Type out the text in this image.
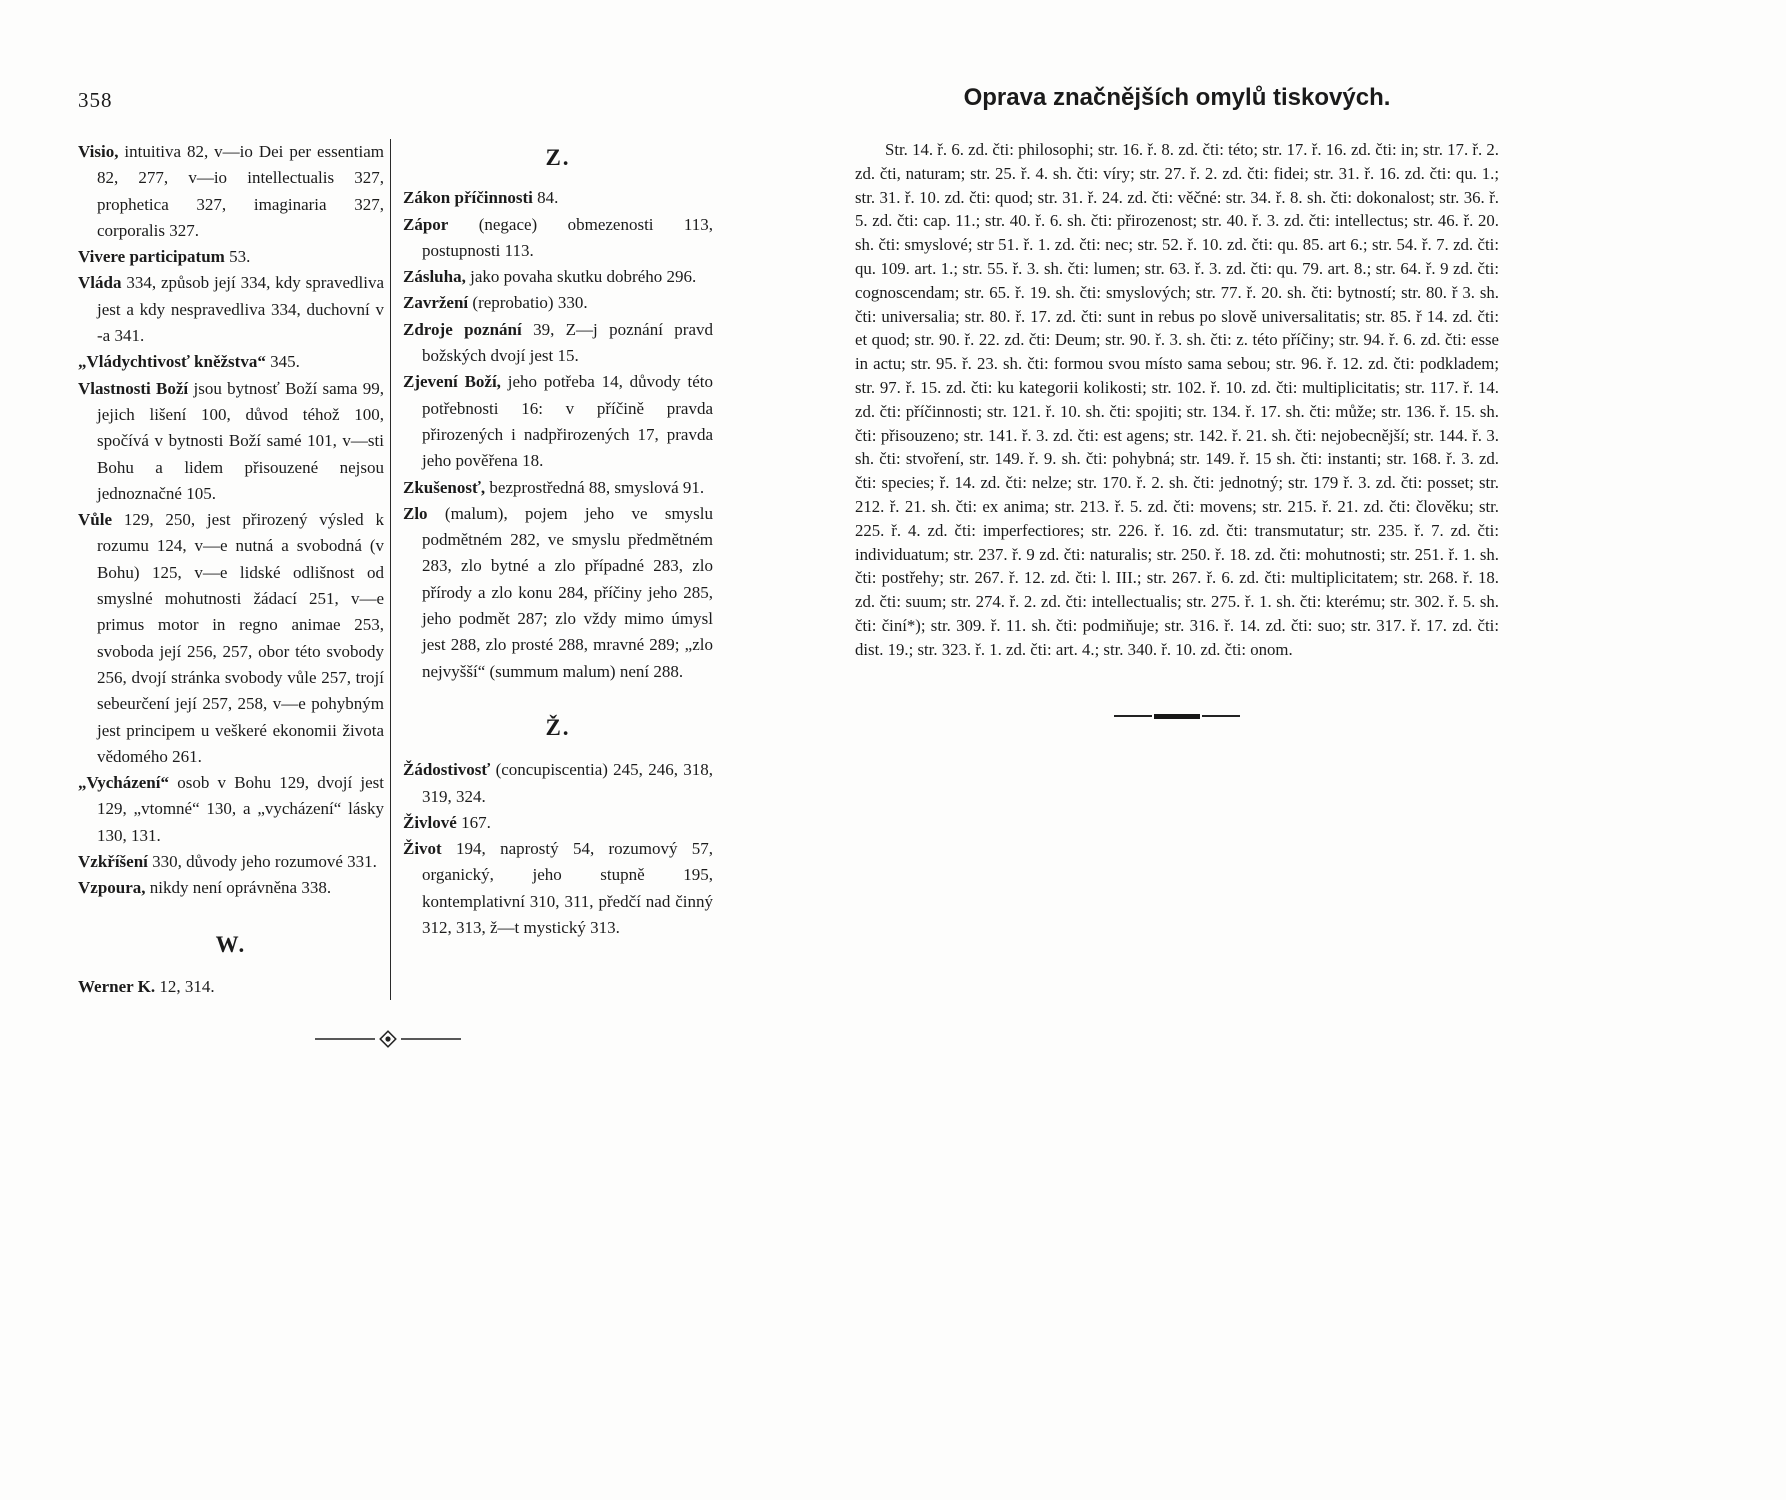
358

Visio, intuitiva 82, v—io Dei per essentiam 82, 277, v—io intellectualis 327, prophetica 327, imaginaria 327, corporalis 327.

Vivere participatum 53.

Vláda 334, způsob její 334, kdy spravedliva jest a kdy nespravedliva 334, duchovní v -a 341.

„Vládychtivosť kněžstva“ 345.

Vlastnosti Boží jsou bytnosť Boží sama 99, jejich lišení 100, důvod téhož 100, spočívá v bytnosti Boží samé 101, v—sti Bohu a lidem přisouzené nejsou jednoznačné 105.

Vůle 129, 250, jest přirozený výsled k rozumu 124, v—e nutná a svobodná (v Bohu) 125, v—e lidské odlišnost od smyslné mohutnosti žádací 251, v—e primus motor in regno animae 253, svoboda její 256, 257, obor této svobody 256, dvojí stránka svobody vůle 257, trojí sebeurčení její 257, 258, v—e pohybným jest principem u veškeré ekonomii života vědomého 261.

„Vycházení“ osob v Bohu 129, dvojí jest 129, „vtomné“ 130, a „vycházení“ lásky 130, 131.

Vzkříšení 330, důvody jeho rozumové 331.

Vzpoura, nikdy není oprávněna 338.

W.

Werner K. 12, 314.

Z.

Zákon příčinnosti 84.

Zápor (negace) obmezenosti 113, postupnosti 113.

Zásluha, jako povaha skutku dobrého 296.

Zavržení (reprobatio) 330.

Zdroje poznání 39, Z—j poznání pravd božských dvojí jest 15.

Zjevení Boží, jeho potřeba 14, důvody této potřebnosti 16: v příčině pravda přirozených i nadpřirozených 17, pravda jeho pověřena 18.

Zkušenosť, bezprostředná 88, smyslová 91.

Zlo (malum), pojem jeho ve smyslu podmětném 282, ve smyslu předmětném 283, zlo bytné a zlo případné 283, zlo přírody a zlo konu 284, příčiny jeho 285, jeho podmět 287; zlo vždy mimo úmysl jest 288, zlo prosté 288, mravné 289; „zlo nejvyšší“ (summum malum) není 288.

Ž.

Žádostivosť (concupiscentia) 245, 246, 318, 319, 324.

Živlové 167.

Život 194, naprostý 54, rozumový 57, organický, jeho stupně 195, kontemplativní 310, 311, předčí nad činný 312, 313, ž—t mystický 313.

Oprava značnějších omylů tiskových.

Str. 14. ř. 6. zd. čti: philosophi; str. 16. ř. 8. zd. čti: této; str. 17. ř. 16. zd. čti: in; str. 17. ř. 2. zd. čti, naturam; str. 25. ř. 4. sh. čti: víry; str. 27. ř. 2. zd. čti: fidei; str. 31. ř. 16. zd. čti: qu. 1.; str. 31. ř. 10. zd. čti: quod; str. 31. ř. 24. zd. čti: věčné: str. 34. ř. 8. sh. čti: dokonalost; str. 36. ř. 5. zd. čti: cap. 11.; str. 40. ř. 6. sh. čti: přirozenost; str. 40. ř. 3. zd. čti: intellectus; str. 46. ř. 20. sh. čti: smyslové; str 51. ř. 1. zd. čti: nec; str. 52. ř. 10. zd. čti: qu. 85. art 6.; str. 54. ř. 7. zd. čti: qu. 109. art. 1.; str. 55. ř. 3. sh. čti: lumen; str. 63. ř. 3. zd. čti: qu. 79. art. 8.; str. 64. ř. 9 zd. čti: cognoscendam; str. 65. ř. 19. sh. čti: smyslových; str. 77. ř. 20. sh. čti: bytností; str. 80. ř 3. sh. čti: universalia; str. 80. ř. 17. zd. čti: sunt in rebus po slově universalitatis; str. 85. ř 14. zd. čti: et quod; str. 90. ř. 22. zd. čti: Deum; str. 90. ř. 3. sh. čti: z. této příčiny; str. 94. ř. 6. zd. čti: esse in actu; str. 95. ř. 23. sh. čti: formou svou místo sama sebou; str. 96. ř. 12. zd. čti: podkladem; str. 97. ř. 15. zd. čti: ku kategorii kolikosti; str. 102. ř. 10. zd. čti: multiplicitatis; str. 117. ř. 14. zd. čti: příčinnosti; str. 121. ř. 10. sh. čti: spojiti; str. 134. ř. 17. sh. čti: může; str. 136. ř. 15. sh. čti: přisouzeno; str. 141. ř. 3. zd. čti: est agens; str. 142. ř. 21. sh. čti: nejobecnější; str. 144. ř. 3. sh. čti: stvoření, str. 149. ř. 9. sh. čti: pohybná; str. 149. ř. 15 sh. čti: instanti; str. 168. ř. 3. zd. čti: species; ř. 14. zd. čti: nelze; str. 170. ř. 2. sh. čti: jednotný; str. 179 ř. 3. zd. čti: posset; str. 212. ř. 21. sh. čti: ex anima; str. 213. ř. 5. zd. čti: movens; str. 215. ř. 21. zd. čti: člověku; str. 225. ř. 4. zd. čti: imperfectiores; str. 226. ř. 16. zd. čti: transmutatur; str. 235. ř. 7. zd. čti: individuatum; str. 237. ř. 9 zd. čti: naturalis; str. 250. ř. 18. zd. čti: mohutnosti; str. 251. ř. 1. sh. čti: postřehy; str. 267. ř. 12. zd. čti: l. III.; str. 267. ř. 6. zd. čti: multiplicitatem; str. 268. ř. 18. zd. čti: suum; str. 274. ř. 2. zd. čti: intellectualis; str. 275. ř. 1. sh. čti: kterému; str. 302. ř. 5. sh. čti: činí*); str. 309. ř. 11. sh. čti: podmiňuje; str. 316. ř. 14. zd. čti: suo; str. 317. ř. 17. zd. čti: dist. 19.; str. 323. ř. 1. zd. čti: art. 4.; str. 340. ř. 10. zd. čti: onom.
